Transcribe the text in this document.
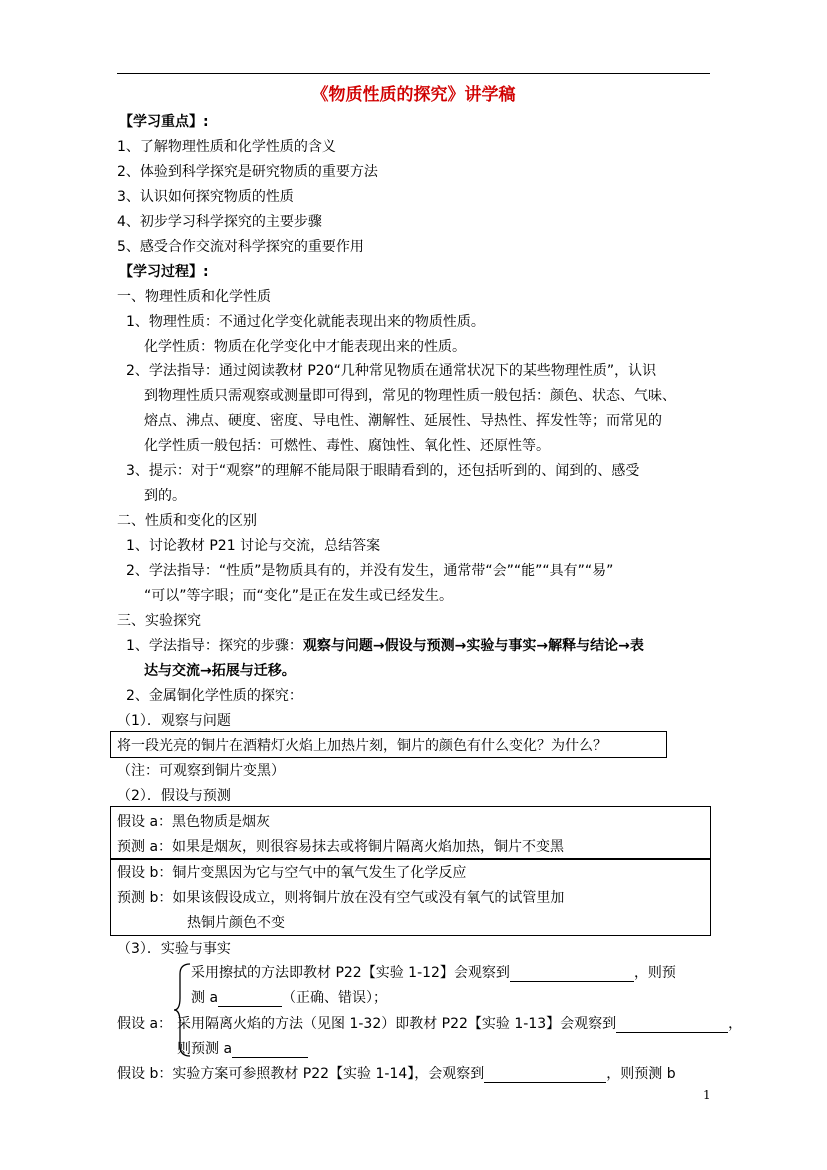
《物质性质的探究》讲学稿
【学习重点】:
1、了解物理性质和化学性质的含义
2、体验到科学探究是研究物质的重要方法
3、认识如何探究物质的性质
4、初步学习科学探究的主要步骤
5、感受合作交流对科学探究的重要作用
【学习过程】:
一、物理性质和化学性质
1、物理性质：不通过化学变化就能表现出来的物质性质。
化学性质：物质在化学变化中才能表现出来的性质。
2、学法指导：通过阅读教材 P20“几种常见物质在通常状况下的某些物理性质”，认识
到物理性质只需观察或测量即可得到，常见的物理性质一般包括：颜色、状态、气味、
熔点、沸点、硬度、密度、导电性、潮解性、延展性、导热性、挥发性等；而常见的
化学性质一般包括：可燃性、毒性、腐蚀性、氧化性、还原性等。
3、提示：对于“观察”的理解不能局限于眼睛看到的，还包括听到的、闻到的、感受
到的。
二、性质和变化的区别
1、讨论教材 P21 讨论与交流，总结答案
2、学法指导：“性质”是物质具有的，并没有发生，通常带“会”“能”“具有”“易”
“可以”等字眼；而“变化”是正在发生或已经发生。
三、实验探究
1、学法指导：探究的步骤：观察与问题→假设与预测→实验与事实→解释与结论→表
达与交流→拓展与迁移。
2、金属铜化学性质的探究：
（1）．观察与问题
将一段光亮的铜片在酒精灯火焰上加热片刻，铜片的颜色有什么变化？为什么？
（注：可观察到铜片变黑）
（2）．假设与预测
假设 a：黑色物质是烟灰
预测 a：如果是烟灰，则很容易抹去或将铜片隔离火焰加热，铜片不变黑
假设 b：铜片变黑因为它与空气中的氧气发生了化学反应
预测 b：如果该假设成立，则将铜片放在没有空气或没有氧气的试管里加
热铜片颜色不变
（3）．实验与事实
采用擦拭的方法即教材 P22【实验 1-12】会观察到	，则预
测 a	（正确、错误）；
假设 a： 采用隔离火焰的方法（见图 1-32）即教材 P22【实验 1-13】会观察到	，
则预测 a
假设 b：实验方案可参照教材 P22【实验 1-14】，会观察到	，则预测 b
1
